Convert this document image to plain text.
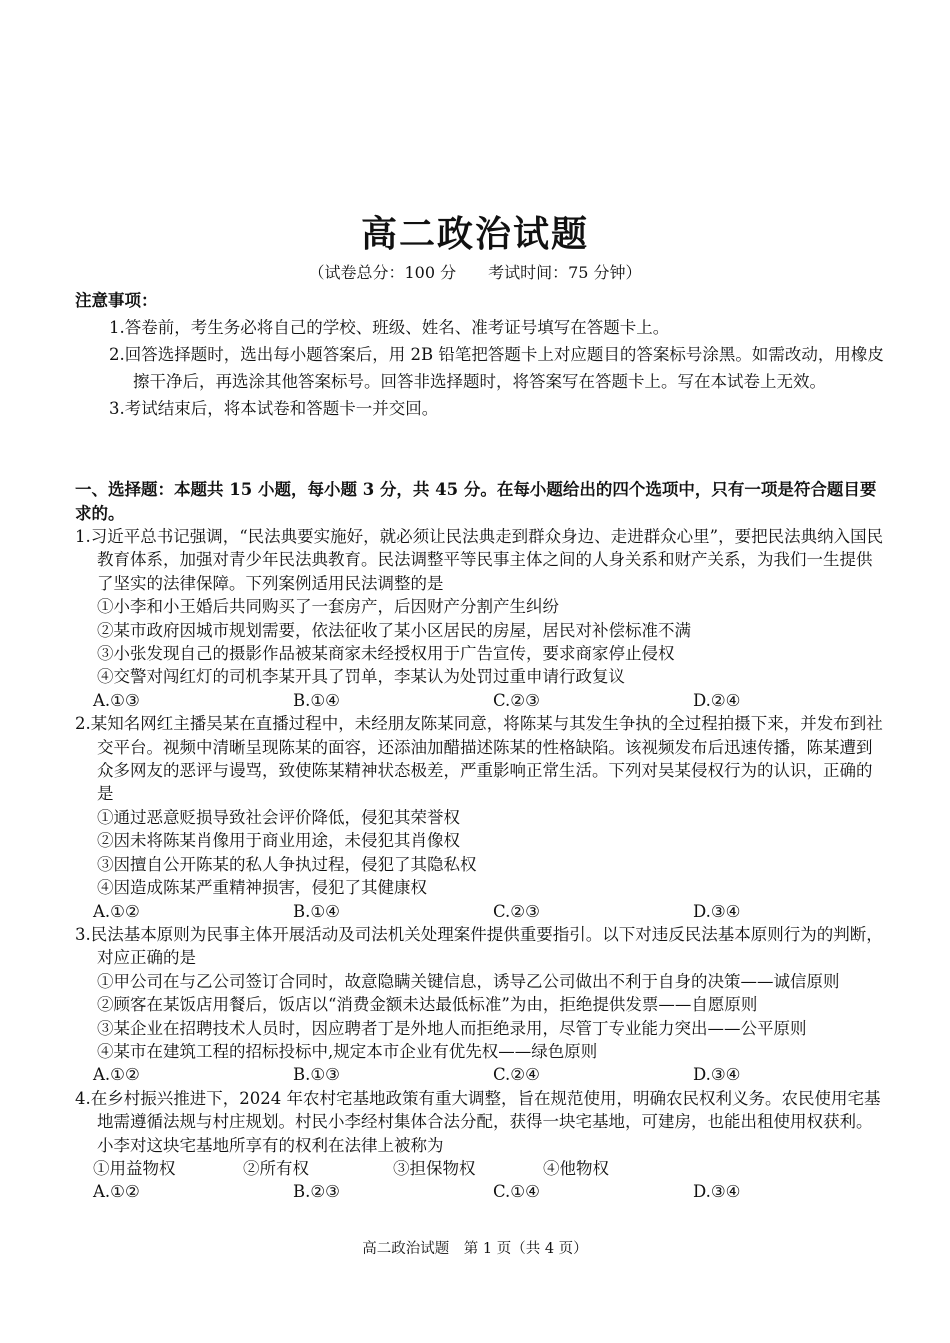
高二政治试题
（试卷总分：100 分　　考试时间：75 分钟）
注意事项：
1.答卷前，考生务必将自己的学校、班级、姓名、准考证号填写在答题卡上。
2.回答选择题时，选出每小题答案后，用 2B 铅笔把答题卡上对应题目的答案标号涂黑。如需改动，用橡皮擦干净后，再选涂其他答案标号。回答非选择题时，将答案写在答题卡上。写在本试卷上无效。
3.考试结束后，将本试卷和答题卡一并交回。
一、选择题：本题共 15 小题，每小题 3 分，共 45 分。在每小题给出的四个选项中，只有一项是符合题目要求的。
1.习近平总书记强调，“民法典要实施好，就必须让民法典走到群众身边、走进群众心里”，要把民法典纳入国民教育体系，加强对青少年民法典教育。民法调整平等民事主体之间的人身关系和财产关系，为我们一生提供了坚实的法律保障。下列案例适用民法调整的是
①小李和小王婚后共同购买了一套房产，后因财产分割产生纠纷
②某市政府因城市规划需要，依法征收了某小区居民的房屋，居民对补偿标准不满
③小张发现自己的摄影作品被某商家未经授权用于广告宣传，要求商家停止侵权
④交警对闯红灯的司机李某开具了罚单，李某认为处罚过重申请行政复议
A.①③	B.①④	C.②③	D.②④
2.某知名网红主播吴某在直播过程中，未经朋友陈某同意，将陈某与其发生争执的全过程拍摄下来，并发布到社交平台。视频中清晰呈现陈某的面容，还添油加醋描述陈某的性格缺陷。该视频发布后迅速传播，陈某遭到众多网友的恶评与谩骂，致使陈某精神状态极差，严重影响正常生活。下列对吴某侵权行为的认识，正确的是
①通过恶意贬损导致社会评价降低，侵犯其荣誉权
②因未将陈某肖像用于商业用途，未侵犯其肖像权
③因擅自公开陈某的私人争执过程，侵犯了其隐私权
④因造成陈某严重精神损害，侵犯了其健康权
A.①②	B.①④	C.②③	D.③④
3.民法基本原则为民事主体开展活动及司法机关处理案件提供重要指引。以下对违反民法基本原则行为的判断，对应正确的是
①甲公司在与乙公司签订合同时，故意隐瞒关键信息，诱导乙公司做出不利于自身的决策——诚信原则
②顾客在某饭店用餐后，饭店以“消费金额未达最低标准”为由，拒绝提供发票——自愿原则
③某企业在招聘技术人员时，因应聘者丁是外地人而拒绝录用，尽管丁专业能力突出——公平原则
④某市在建筑工程的招标投标中,规定本市企业有优先权——绿色原则
A.①②	B.①③	C.②④	D.③④
4.在乡村振兴推进下，2024 年农村宅基地政策有重大调整，旨在规范使用，明确农民权利义务。农民使用宅基地需遵循法规与村庄规划。村民小李经村集体合法分配，获得一块宅基地，可建房，也能出租使用权获利。小李对这块宅基地所享有的权利在法律上被称为
①用益物权	②所有权	③担保物权	④他物权
A.①②	B.②③	C.①④	D.③④
高二政治试题　第 1 页（共 4 页）
